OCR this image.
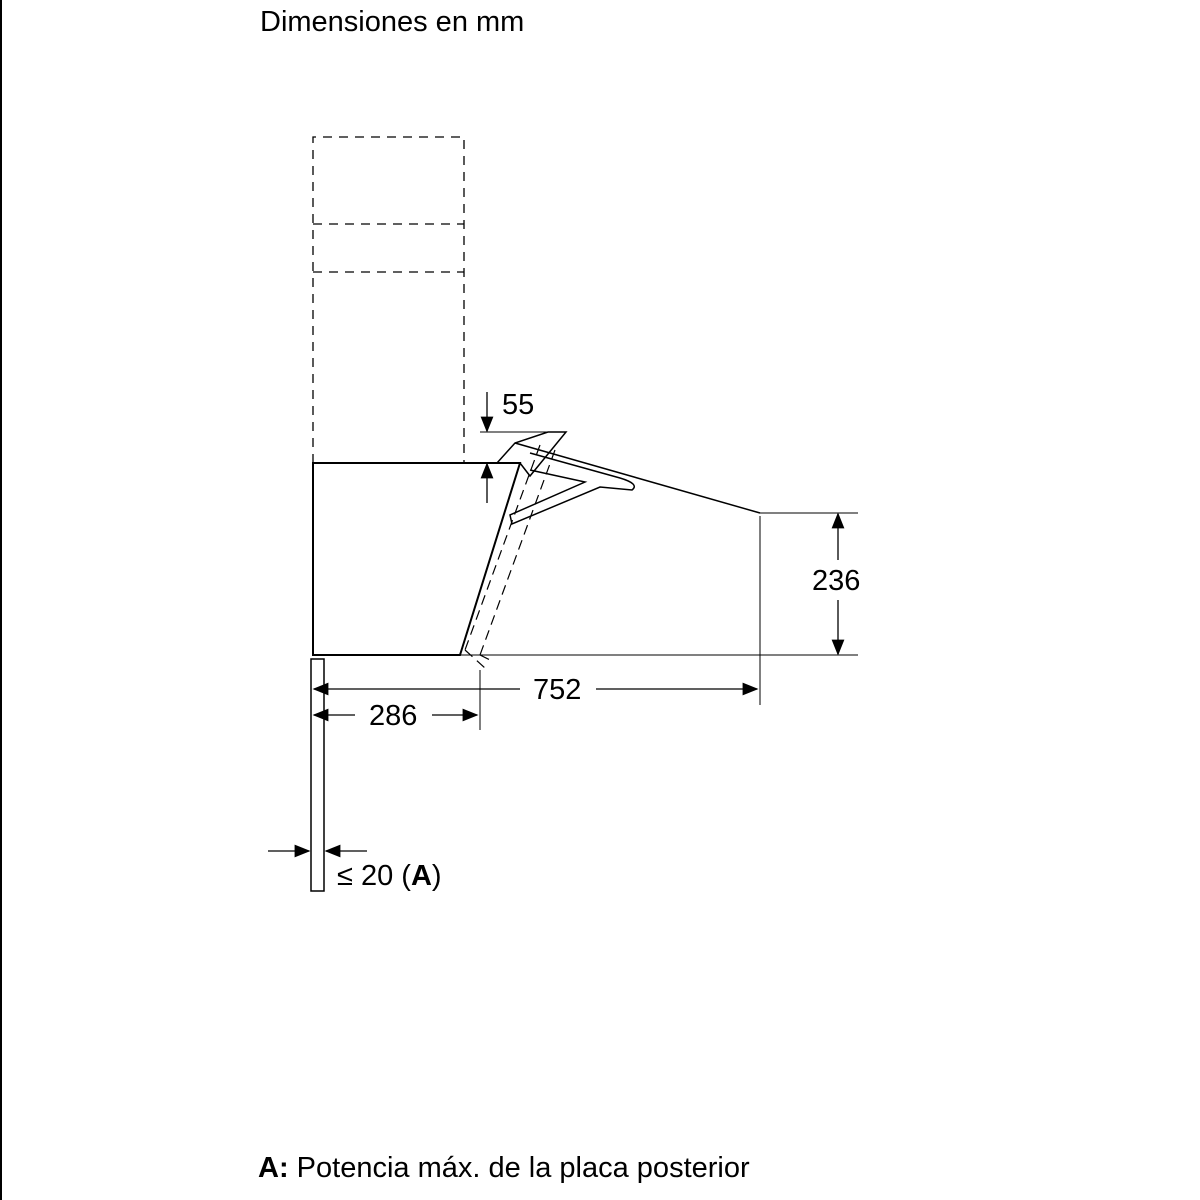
Dimensiones en mm
55
236
752
286
≤ 20 (A)
A: Potencia máx. de la placa posterior
